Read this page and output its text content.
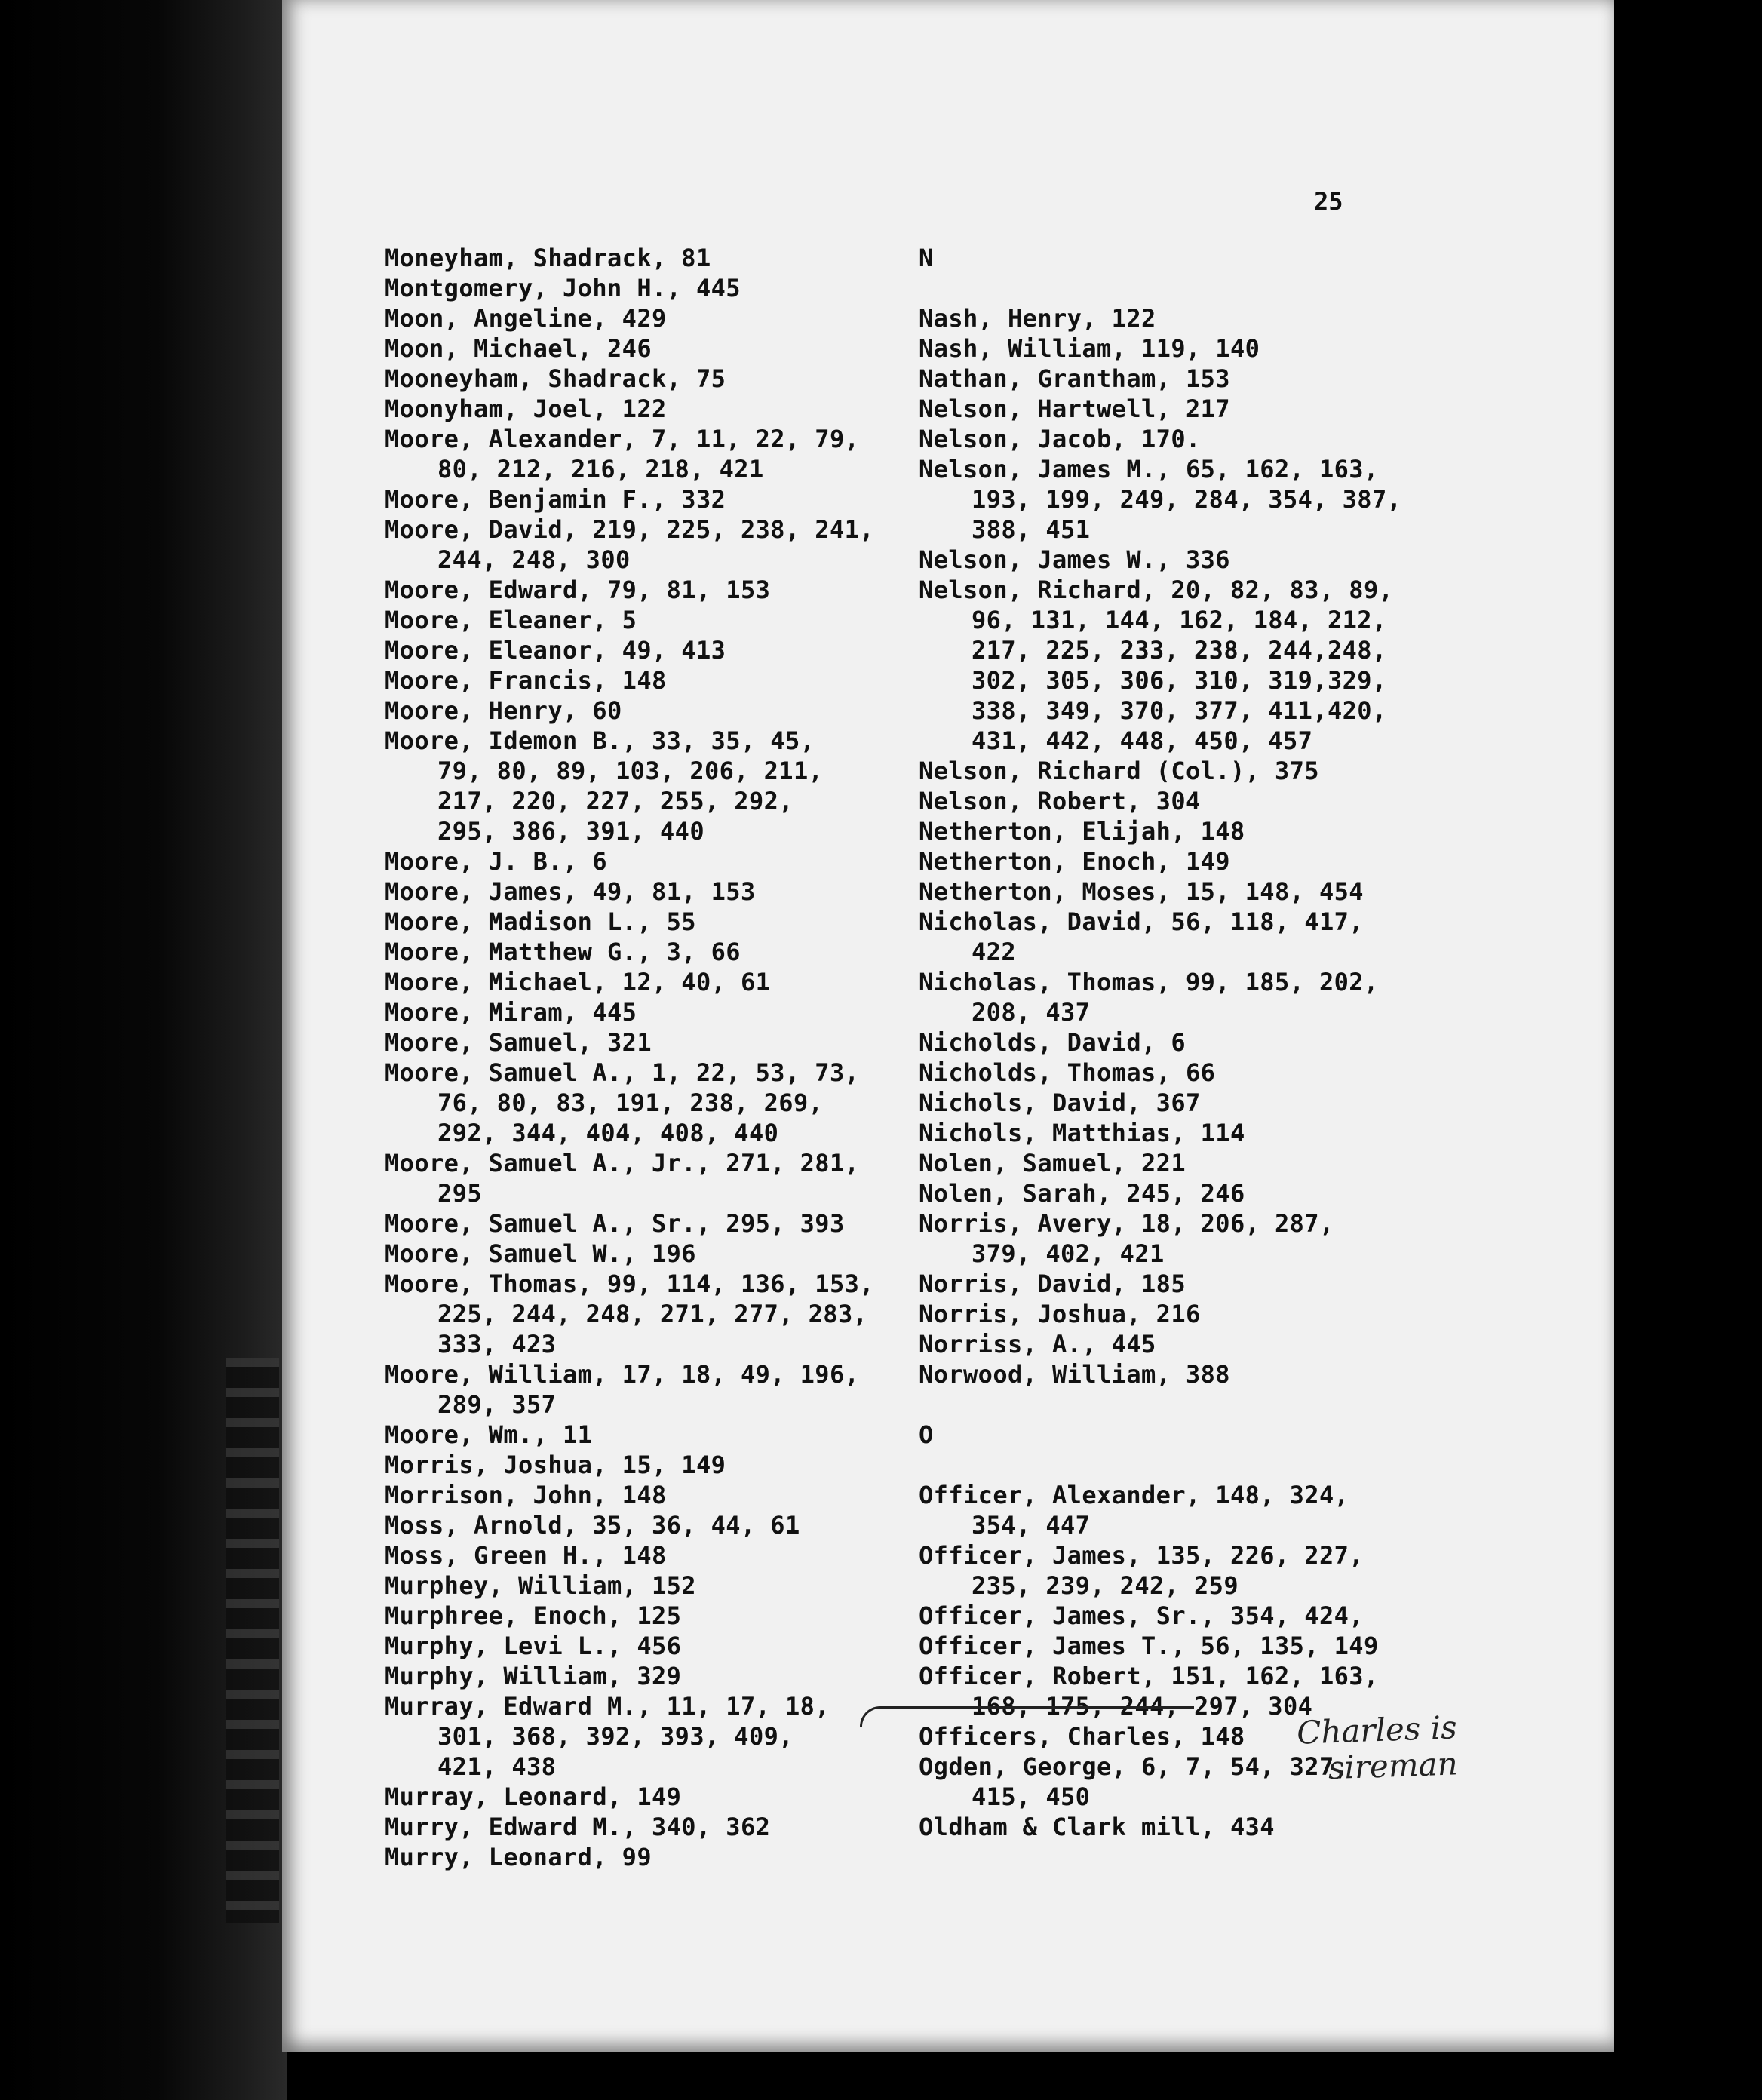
25

Moneyham, Shadrack, 81

Montgomery, John H., 445

Moon, Angeline, 429

Moon, Michael, 246

Mooneyham, Shadrack, 75

Moonyham, Joel, 122

Moore, Alexander, 7, 11, 22, 79,

80, 212, 216, 218, 421

Moore, Benjamin F., 332

Moore, David, 219, 225, 238, 241,

244, 248, 300

Moore, Edward, 79, 81, 153

Moore, Eleaner, 5

Moore, Eleanor, 49, 413

Moore, Francis, 148

Moore, Henry, 60

Moore, Idemon B., 33, 35, 45,

79, 80, 89, 103, 206, 211,

217, 220, 227, 255, 292,

295, 386, 391, 440

Moore, J. B., 6

Moore, James, 49, 81, 153

Moore, Madison L., 55

Moore, Matthew G., 3, 66

Moore, Michael, 12, 40, 61

Moore, Miram, 445

Moore, Samuel, 321

Moore, Samuel A., 1, 22, 53, 73,

76, 80, 83, 191, 238, 269,

292, 344, 404, 408, 440

Moore, Samuel A., Jr., 271, 281,

295

Moore, Samuel A., Sr., 295, 393

Moore, Samuel W., 196

Moore, Thomas, 99, 114, 136, 153,

225, 244, 248, 271, 277, 283,

333, 423

Moore, William, 17, 18, 49, 196,

289, 357

Moore, Wm., 11

Morris, Joshua, 15, 149

Morrison, John, 148

Moss, Arnold, 35, 36, 44, 61

Moss, Green H., 148

Murphey, William, 152

Murphree, Enoch, 125

Murphy, Levi L., 456

Murphy, William, 329

Murray, Edward M., 11, 17, 18,

301, 368, 392, 393, 409,

421, 438

Murray, Leonard, 149

Murry, Edward M., 340, 362

Murry, Leonard, 99

N

Nash, Henry, 122

Nash, William, 119, 140

Nathan, Grantham, 153

Nelson, Hartwell, 217

Nelson, Jacob, 170.

Nelson, James M., 65, 162, 163,

193, 199, 249, 284, 354, 387,

388, 451

Nelson, James W., 336

Nelson, Richard, 20, 82, 83, 89,

96, 131, 144, 162, 184, 212,

217, 225, 233, 238, 244,248,

302, 305, 306, 310, 319,329,

338, 349, 370, 377, 411,420,

431, 442, 448, 450, 457

Nelson, Richard (Col.), 375

Nelson, Robert, 304

Netherton, Elijah, 148

Netherton, Enoch, 149

Netherton, Moses, 15, 148, 454

Nicholas, David, 56, 118, 417,

422

Nicholas, Thomas, 99, 185, 202,

208, 437

Nicholds, David, 6

Nicholds, Thomas, 66

Nichols, David, 367

Nichols, Matthias, 114

Nolen, Samuel, 221

Nolen, Sarah, 245, 246

Norris, Avery, 18, 206, 287,

379, 402, 421

Norris, David, 185

Norris, Joshua, 216

Norriss, A., 445

Norwood, William, 388

O

Officer, Alexander, 148, 324,

354, 447

Officer, James, 135, 226, 227,

235, 239, 242, 259

Officer, James, Sr., 354, 424,

Officer, James T., 56, 135, 149

Officer, Robert, 151, 162, 163,

168, 175, 244, 297, 304

Officers, Charles, 148

Ogden, George, 6, 7, 54, 327,

415, 450

Oldham & Clark mill, 434

Charles is
sireman
